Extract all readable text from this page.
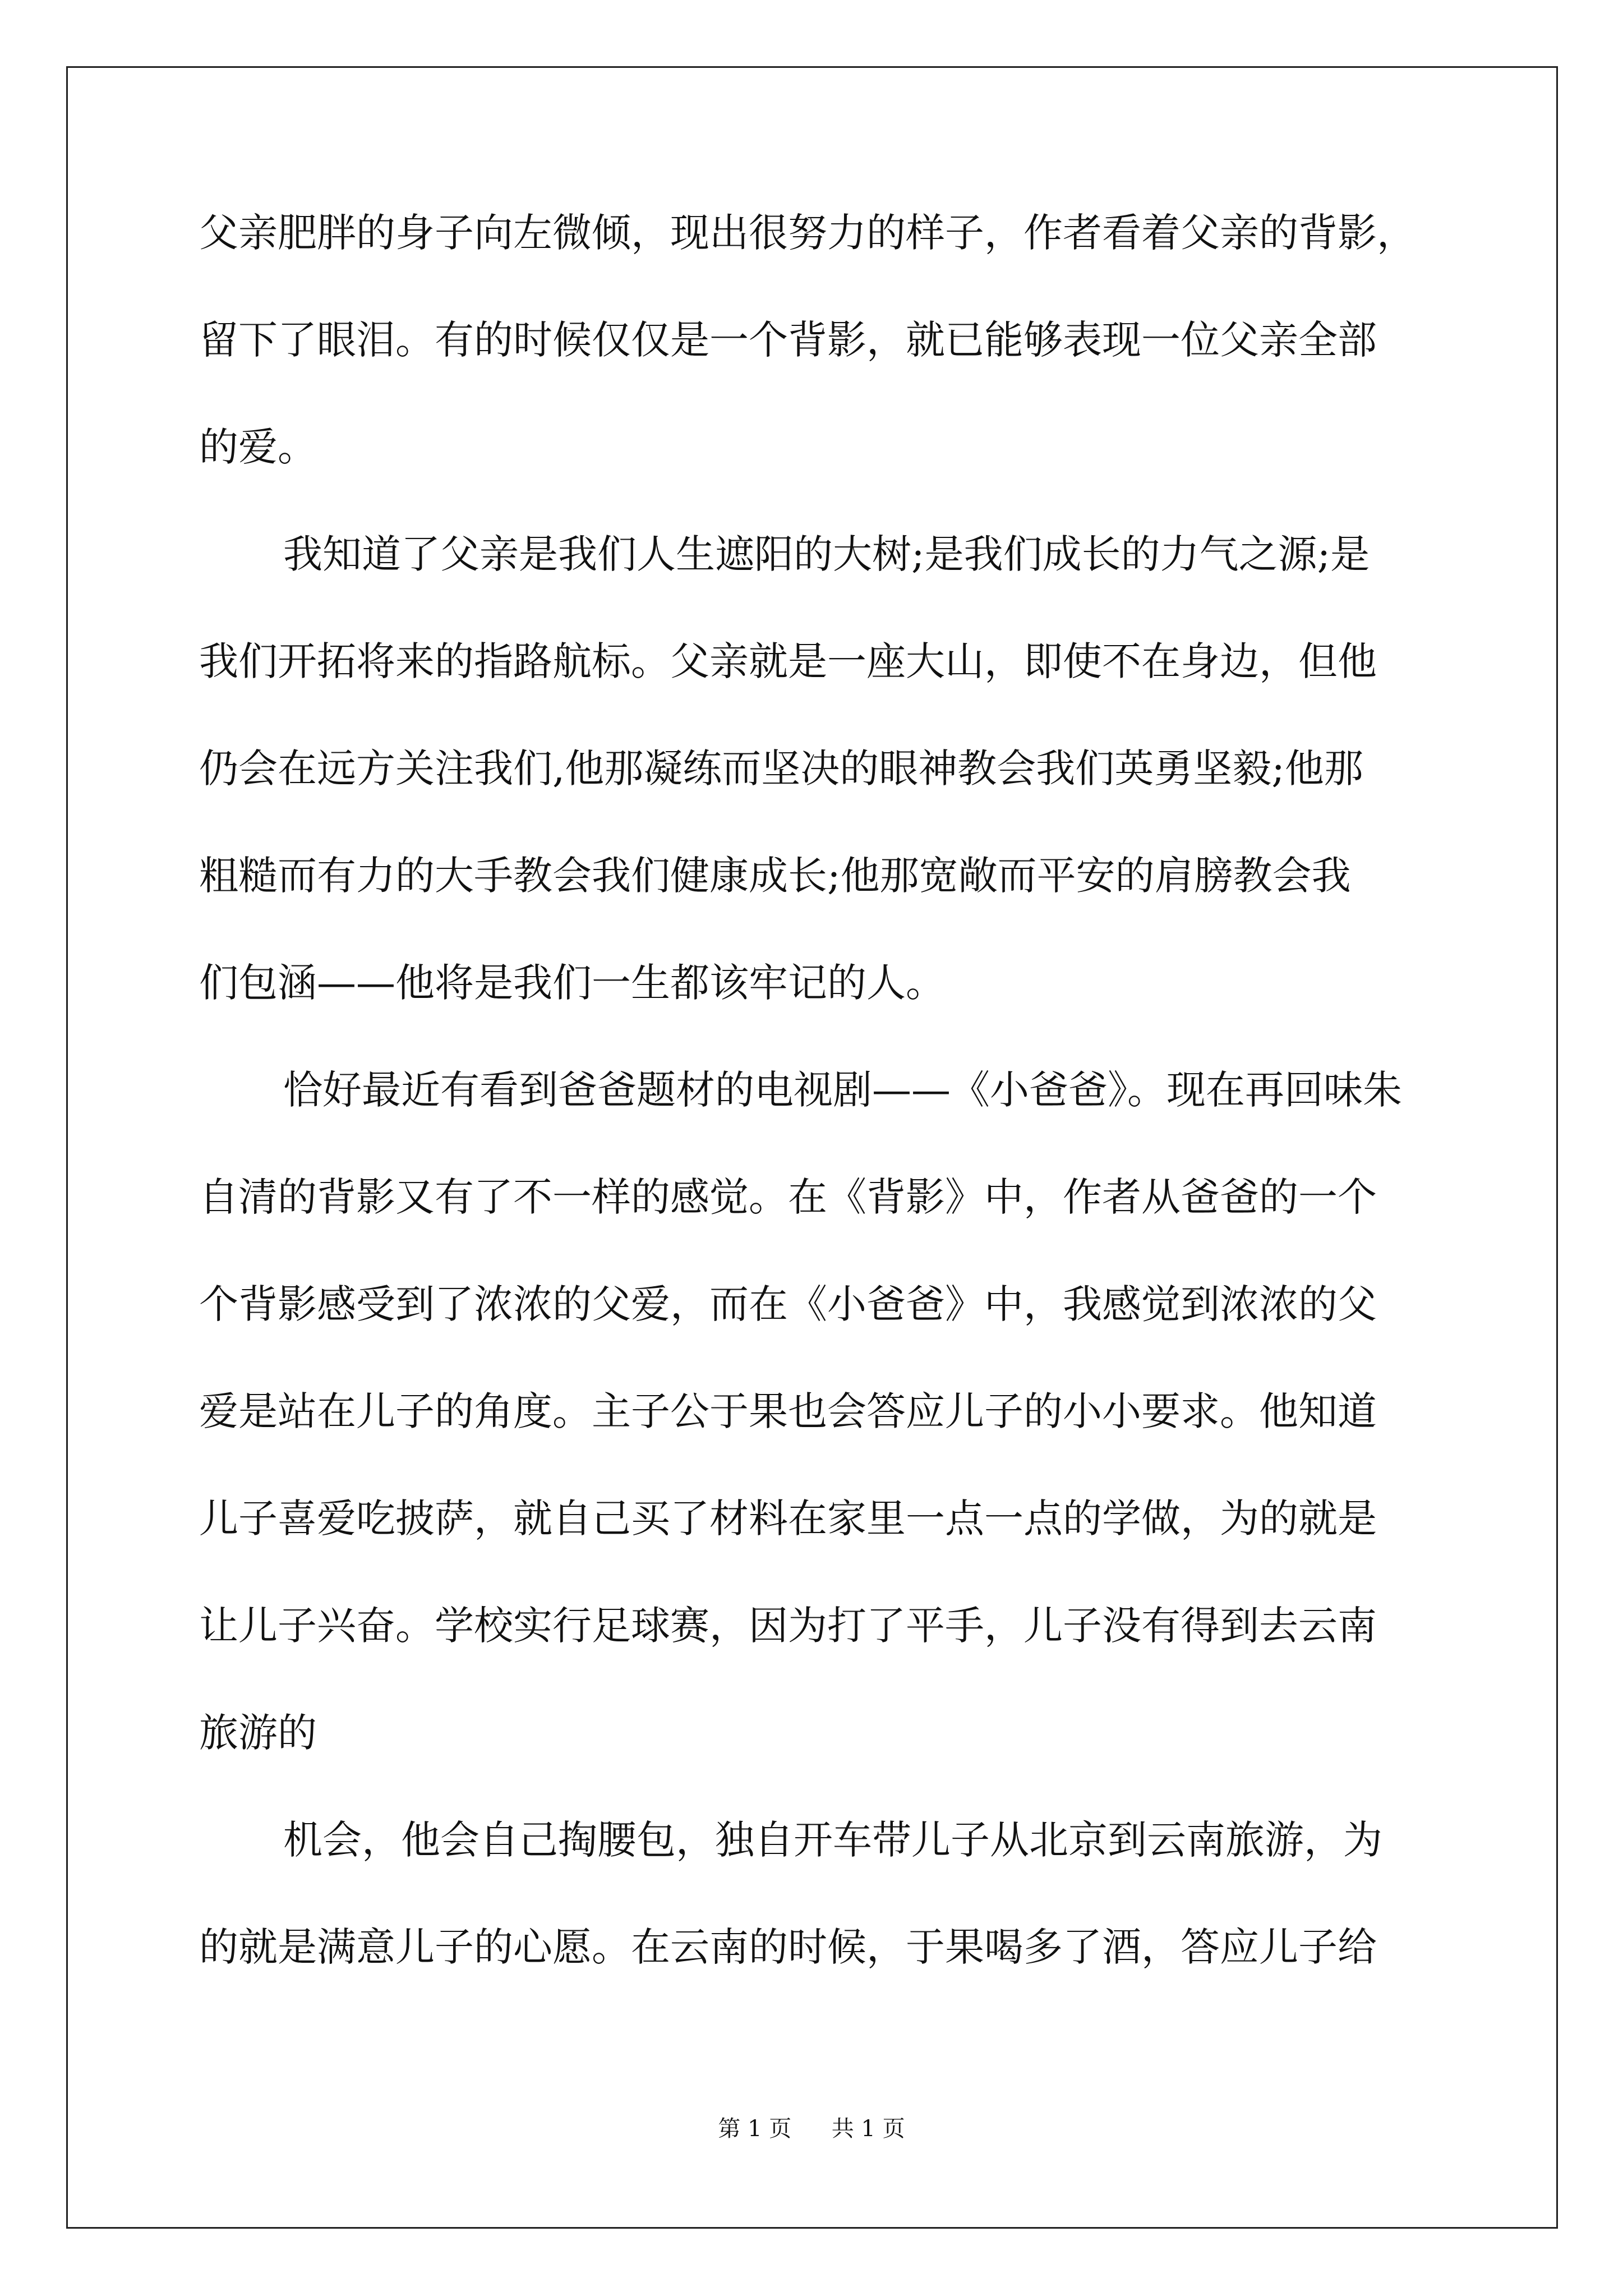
父亲肥胖的身子向左微倾，现出很努力的样子，作者看着父亲的背影，

留下了眼泪。有的时候仅仅是一个背影，就已能够表现一位父亲全部

的爱。

我知道了父亲是我们人生遮阳的大树;是我们成长的力气之源;是

我们开拓将来的指路航标。父亲就是一座大山，即使不在身边，但他

仍会在远方关注我们,他那凝练而坚决的眼神教会我们英勇坚毅;他那

粗糙而有力的大手教会我们健康成长;他那宽敞而平安的肩膀教会我

们包涵——他将是我们一生都该牢记的人。

恰好最近有看到爸爸题材的电视剧——《小爸爸》。现在再回味朱

自清的背影又有了不一样的感觉。在《背影》中，作者从爸爸的一个

个背影感受到了浓浓的父爱，而在《小爸爸》中，我感觉到浓浓的父

爱是站在儿子的角度。主子公于果也会答应儿子的小小要求。他知道

儿子喜爱吃披萨，就自己买了材料在家里一点一点的学做，为的就是

让儿子兴奋。学校实行足球赛，因为打了平手，儿子没有得到去云南

旅游的

机会，他会自己掏腰包，独自开车带儿子从北京到云南旅游，为

的就是满意儿子的心愿。在云南的时候，于果喝多了酒，答应儿子给

第 1 页 共 1 页
